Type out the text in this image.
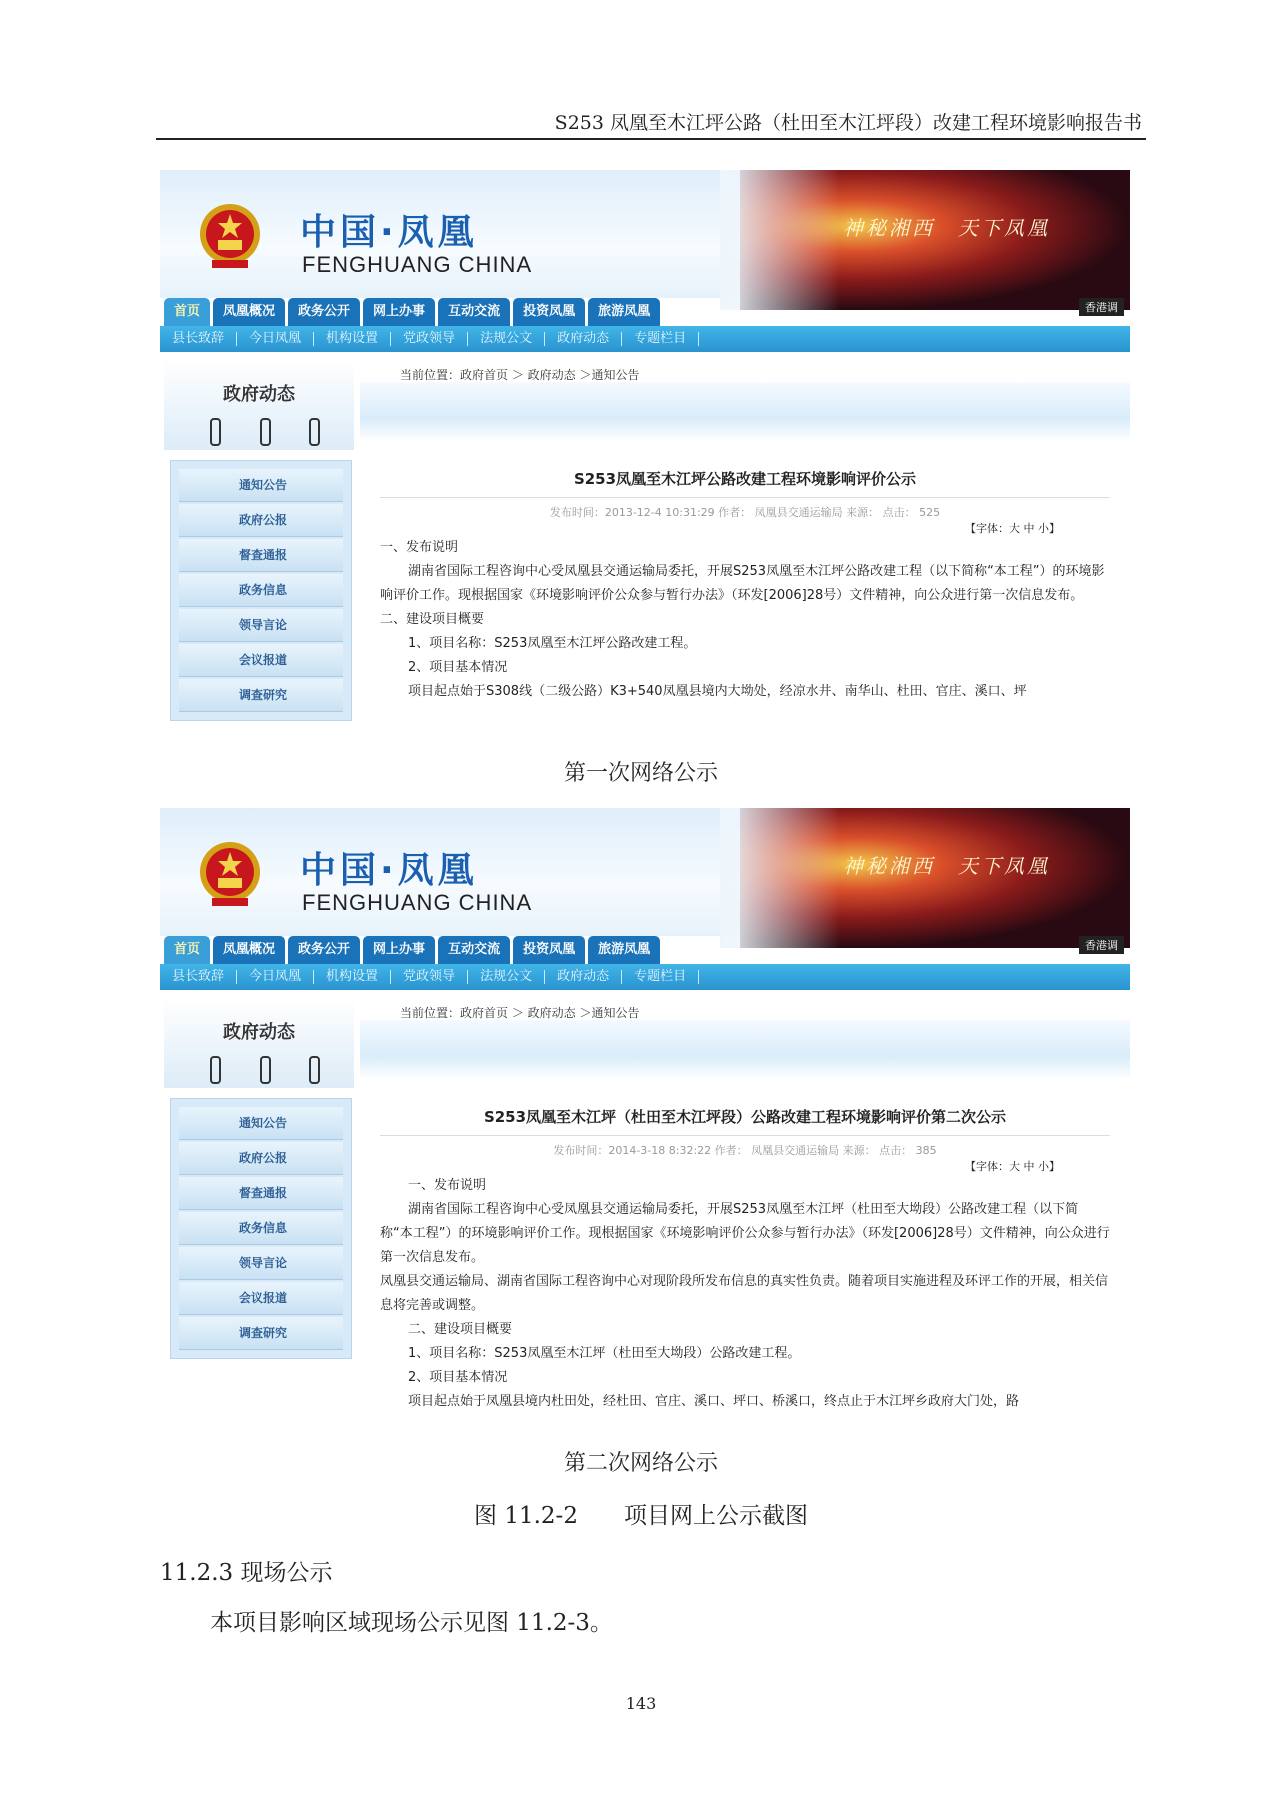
S253 凤凰至木江坪公路（杜田至木江坪段）改建工程环境影响报告书
神秘湘西　天下凤凰
香港调
中国·凤凰
FENGHUANG CHINA
首页	凤凰概况	政务公开	网上办事	互动交流	投资凤凰	旅游凤凰
县长致辞	今日凤凰	机构设置	党政领导	法规公文	政府动态	专题栏目
政府动态
当前位置：政府首页 ＞ 政府动态 ＞通知公告
通知公告
政府公报
督查通报
政务信息
领导言论
会议报道
调查研究
S253凤凰至木江坪公路改建工程环境影响评价公示
发布时间：2013-12-4 10:31:29 作者： 凤凰县交通运输局 来源： 点击： 525
【字体：大 中 小】

一、发布说明

湖南省国际工程咨询中心受凤凰县交通运输局委托，开展S253凤凰至木江坪公路改建工程（以下简称“本工程”）的环境影响评价工作。现根据国家《环境影响评价公众参与暂行办法》（环发[2006]28号）文件精神，向公众进行第一次信息发布。

二、建设项目概要

1、项目名称：S253凤凰至木江坪公路改建工程。

2、项目基本情况

项目起点始于S308线（二级公路）K3+540凤凰县境内大坳处，经凉水井、南华山、杜田、官庄、溪口、坪

第一次网络公示
神秘湘西　天下凤凰
香港调
中国·凤凰
FENGHUANG CHINA
首页	凤凰概况	政务公开	网上办事	互动交流	投资凤凰	旅游凤凰
县长致辞	今日凤凰	机构设置	党政领导	法规公文	政府动态	专题栏目
政府动态
当前位置：政府首页 ＞ 政府动态 ＞通知公告
通知公告
政府公报
督查通报
政务信息
领导言论
会议报道
调查研究
S253凤凰至木江坪（杜田至木江坪段）公路改建工程环境影响评价第二次公示
发布时间：2014-3-18 8:32:22 作者： 凤凰县交通运输局 来源： 点击： 385
【字体：大 中 小】

一、发布说明

湖南省国际工程咨询中心受凤凰县交通运输局委托，开展S253凤凰至木江坪（杜田至大坳段）公路改建工程（以下简称“本工程”）的环境影响评价工作。现根据国家《环境影响评价公众参与暂行办法》（环发[2006]28号）文件精神，向公众进行第一次信息发布。

凤凰县交通运输局、湖南省国际工程咨询中心对现阶段所发布信息的真实性负责。随着项目实施进程及环评工作的开展，相关信息将完善或调整。

二、建设项目概要

1、项目名称：S253凤凰至木江坪（杜田至大坳段）公路改建工程。

2、项目基本情况

项目起点始于凤凰县境内杜田处，经杜田、官庄、溪口、坪口、桥溪口，终点止于木江坪乡政府大门处，路

第二次网络公示
图 11.2-2　　项目网上公示截图
11.2.3 现场公示
本项目影响区域现场公示见图 11.2-3。
143
